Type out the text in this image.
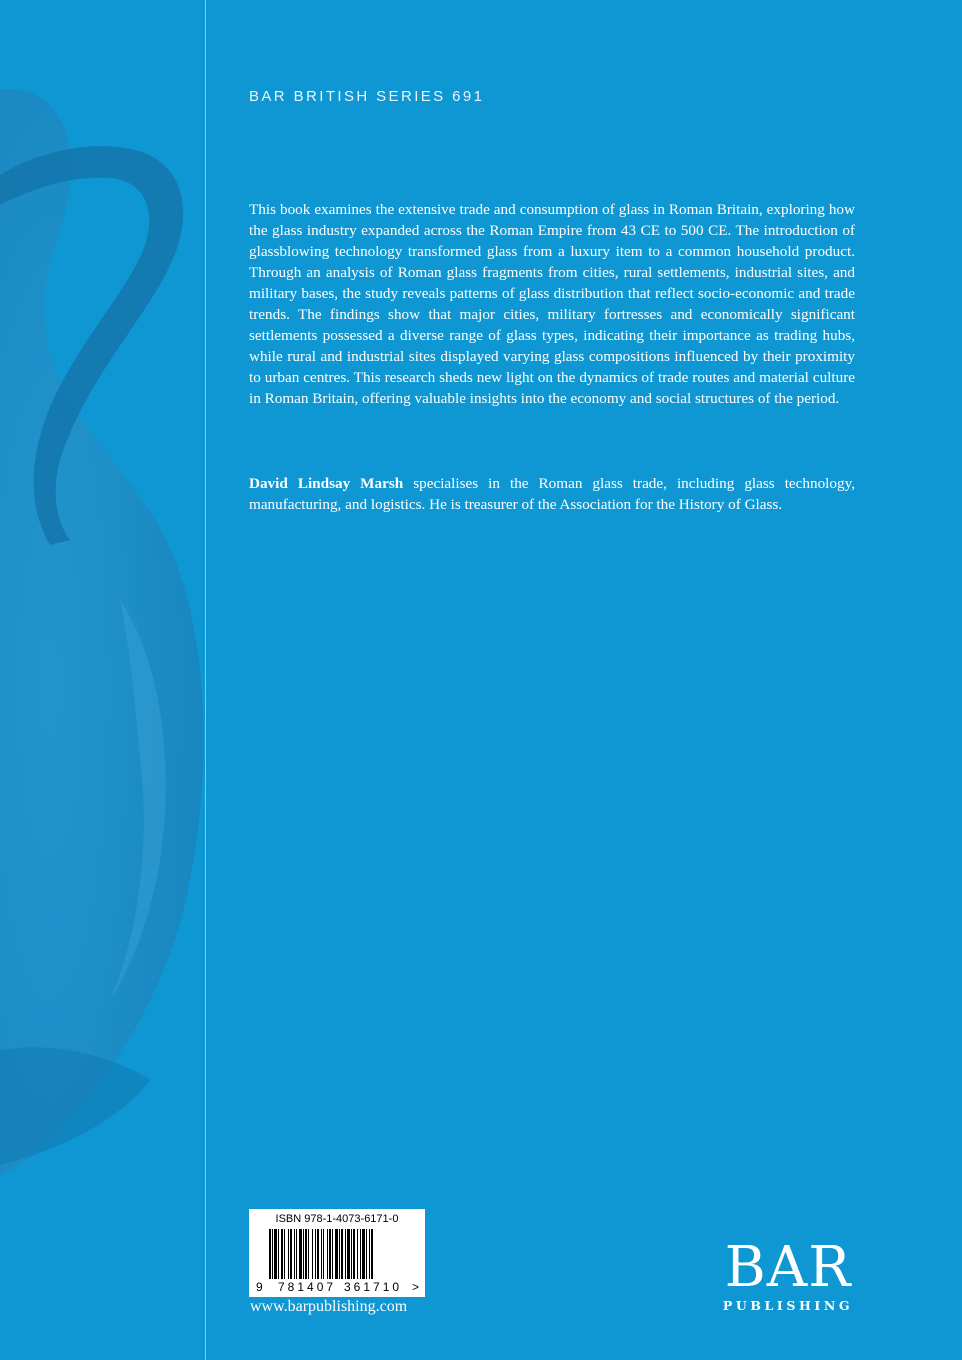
BAR BRITISH SERIES 691

This book examines the extensive trade and consumption of glass in Roman Britain, exploring how the glass industry expanded across the Roman Empire from 43 CE to 500 CE. The introduction of glassblowing technology transformed glass from a luxury item to a common household product. Through an analysis of Roman glass fragments from cities, rural settlements, industrial sites, and military bases, the study reveals patterns of glass distribution that reflect socio-economic and trade trends. The findings show that major cities, military fortresses and economically significant settlements possessed a diverse range of glass types, indicating their importance as trading hubs, while rural and industrial sites displayed varying glass compositions influenced by their proximity to urban centres. This research sheds new light on the dynamics of trade routes and material culture in Roman Britain, offering valuable insights into the economy and social structures of the period.

David Lindsay Marsh specialises in the Roman glass trade, including glass technology, manufacturing, and logistics. He is treasurer of the Association for the History of Glass.

ISBN 978-1-4073-6171-0
9 781407 361710 >
www.barpublishing.com
BAR
PUBLISHING
